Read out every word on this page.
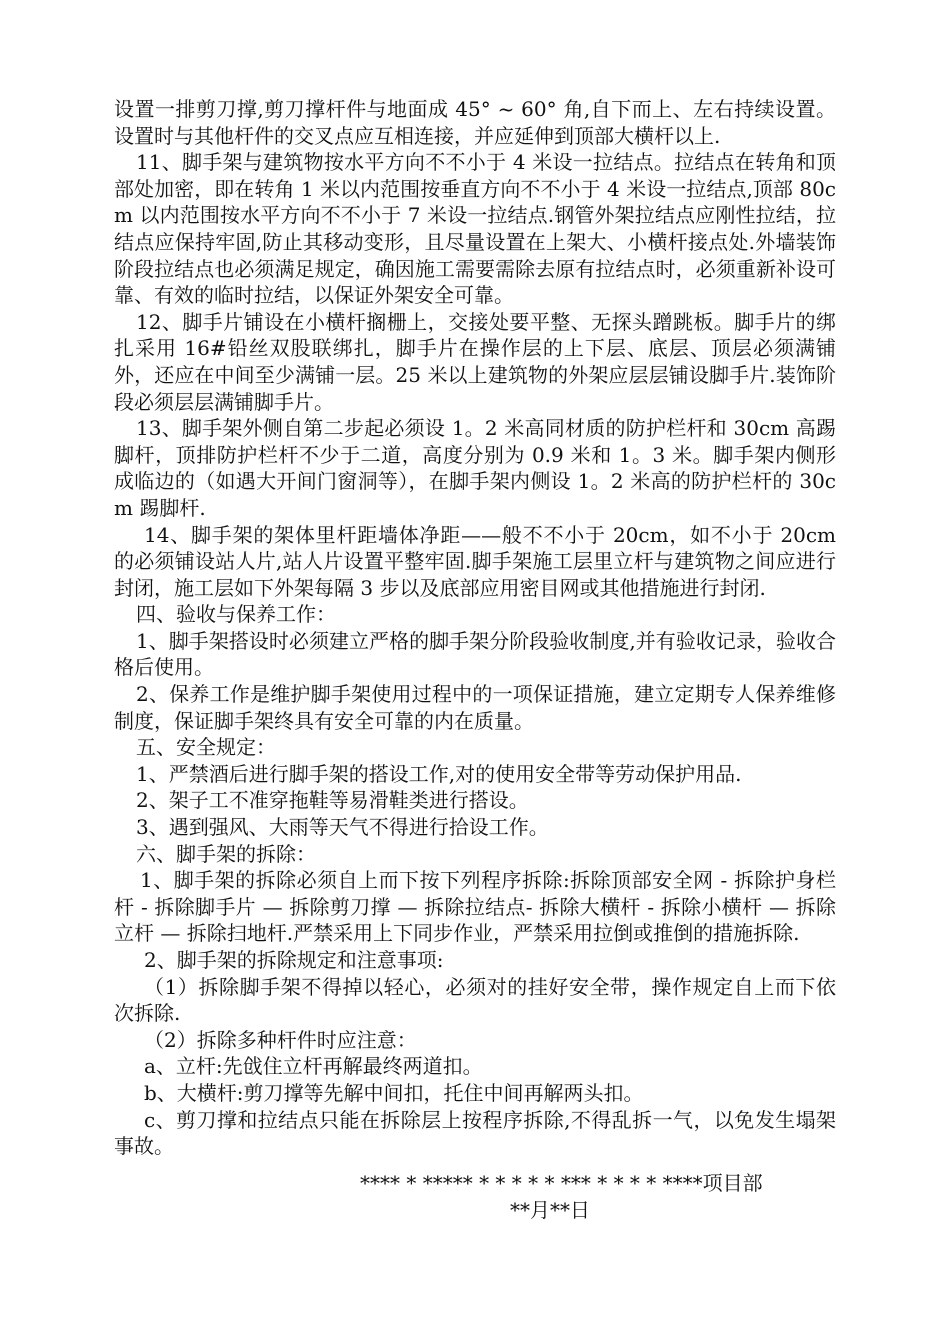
设置一排剪刀撑,剪刀撑杆件与地面成 45° ~ 60° 角,自下而上、左右持续设置。设置时与其他杆件的交叉点应互相连接，并应延伸到顶部大横杆以上.

11、脚手架与建筑物按水平方向不不小于 4 米设一拉结点。拉结点在转角和顶部处加密，即在转角 1 米以内范围按垂直方向不不小于 4 米设一拉结点,顶部 80cm 以内范围按水平方向不不小于 7 米设一拉结点.钢管外架拉结点应刚性拉结，拉结点应保持牢固,防止其移动变形，且尽量设置在上架大、小横杆接点处.外墙装饰阶段拉结点也必须满足规定，确因施工需要需除去原有拉结点时，必须重新补设可靠、有效的临时拉结，以保证外架安全可靠。

12、脚手片铺设在小横杆搁栅上，交接处要平整、无探头蹭跳板。脚手片的绑扎采用 16#铅丝双股联绑扎，脚手片在操作层的上下层、底层、顶层必须满铺外，还应在中间至少满铺一层。25 米以上建筑物的外架应层层铺设脚手片.装饰阶段必须层层满铺脚手片。

13、脚手架外侧自第二步起必须设 1。2 米高同材质的防护栏杆和 30cm 高踢脚杆，顶排防护栏杆不少于二道，高度分别为 0.9 米和 1。3 米。脚手架内侧形成临边的（如遇大开间门窗洞等），在脚手架内侧设 1。2 米高的防护栏杆的 30cm 踢脚杆.

14、脚手架的架体里杆距墙体净距——般不不小于 20cm，如不小于 20cm 的必须铺设站人片,站人片设置平整牢固.脚手架施工层里立杆与建筑物之间应进行封闭，施工层如下外架每隔 3 步以及底部应用密目网或其他措施进行封闭.

四、验收与保养工作：

1、脚手架搭设时必须建立严格的脚手架分阶段验收制度,并有验收记录，验收合格后使用。

2、保养工作是维护脚手架使用过程中的一项保证措施，建立定期专人保养维修制度，保证脚手架终具有安全可靠的内在质量。

五、安全规定：

1、严禁酒后进行脚手架的搭设工作,对的使用安全带等劳动保护用品.

2、架子工不准穿拖鞋等易滑鞋类进行搭设。

3、遇到强风、大雨等天气不得进行拾设工作。

六、脚手架的拆除：

1、脚手架的拆除必须自上而下按下列程序拆除:拆除顶部安全网 - 拆除护身栏杆 - 拆除脚手片 — 拆除剪刀撑 — 拆除拉结点- 拆除大横杆 - 拆除小横杆 — 拆除立杆 — 拆除扫地杆.严禁采用上下同步作业，严禁采用拉倒或推倒的措施拆除.

2、脚手架的拆除规定和注意事项:

（1）拆除脚手架不得掉以轻心，必须对的挂好安全带，操作规定自上而下依次拆除.

（2）拆除多种杆件时应注意：

a、立杆:先戗住立杆再解最终两道扣。

b、大横杆:剪刀撑等先解中间扣，托住中间再解两头扣。

c、剪刀撑和拉结点只能在拆除层上按程序拆除,不得乱拆一气，以免发生塌架事故。

**** * ***** * * * * * *** * * * * ****项目部

**月**日
